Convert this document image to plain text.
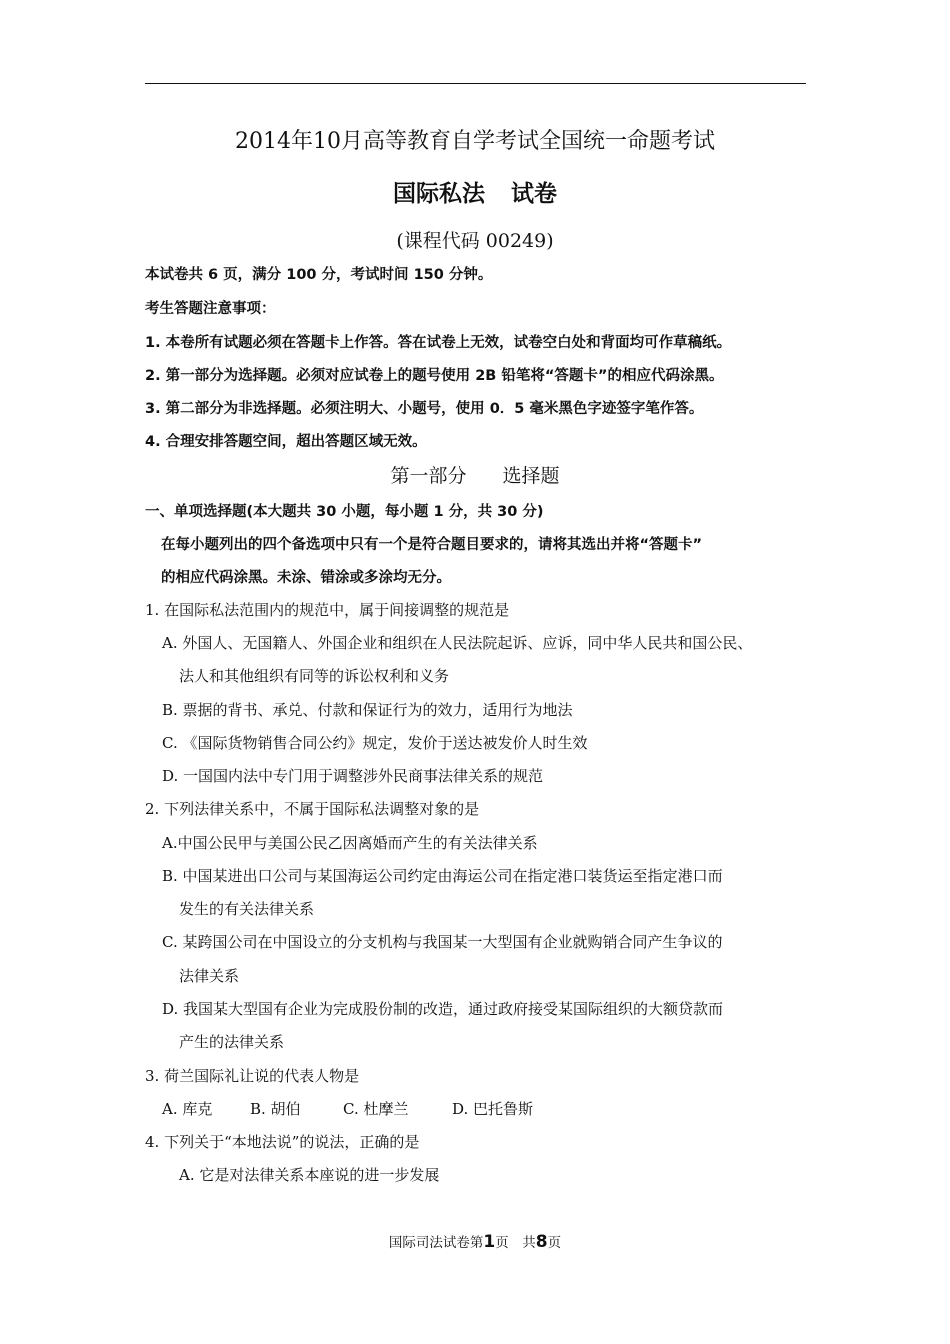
2014年10月高等教育自学考试全国统一命题考试
国际私法 试卷
(课程代码 00249)
本试卷共 6 页，满分 100 分，考试时间 150 分钟。
考生答题注意事项：
1. 本卷所有试题必须在答题卡上作答。答在试卷上无效，试卷空白处和背面均可作草稿纸。
2. 第一部分为选择题。必须对应试卷上的题号使用 2B 铅笔将“答题卡”的相应代码涂黑。
3. 第二部分为非选择题。必须注明大、小题号，使用 0．5 毫米黑色字迹签字笔作答。
4. 合理安排答题空间，超出答题区域无效。
第一部分 选择题
一、单项选择题(本大题共 30 小题，每小题 1 分，共 30 分)
在每小题列出的四个备选项中只有一个是符合题目要求的，请将其选出并将“答题卡”
的相应代码涂黑。未涂、错涂或多涂均无分。
1. 在国际私法范围内的规范中，属于间接调整的规范是
A. 外国人、无国籍人、外国企业和组织在人民法院起诉、应诉，同中华人民共和国公民、
法人和其他组织有同等的诉讼权利和义务
B. 票据的背书、承兑、付款和保证行为的效力，适用行为地法
C. 《国际货物销售合同公约》规定，发价于送达被发价人时生效
D. 一国国内法中专门用于调整涉外民商事法律关系的规范
2. 下列法律关系中，不属于国际私法调整对象的是
A.中国公民甲与美国公民乙因离婚而产生的有关法律关系
B. 中国某进出口公司与某国海运公司约定由海运公司在指定港口装货运至指定港口而
发生的有关法律关系
C. 某跨国公司在中国设立的分支机构与我国某一大型国有企业就购销合同产生争议的
法律关系
D. 我国某大型国有企业为完成股份制的改造，通过政府接受某国际组织的大额贷款而
产生的法律关系
3. 荷兰国际礼让说的代表人物是
A. 库克	B. 胡伯	C. 杜摩兰	D. 巴托鲁斯
4. 下列关于“本地法说”的说法，正确的是
A. 它是对法律关系本座说的进一步发展
国际司法试卷第1页　共8页
